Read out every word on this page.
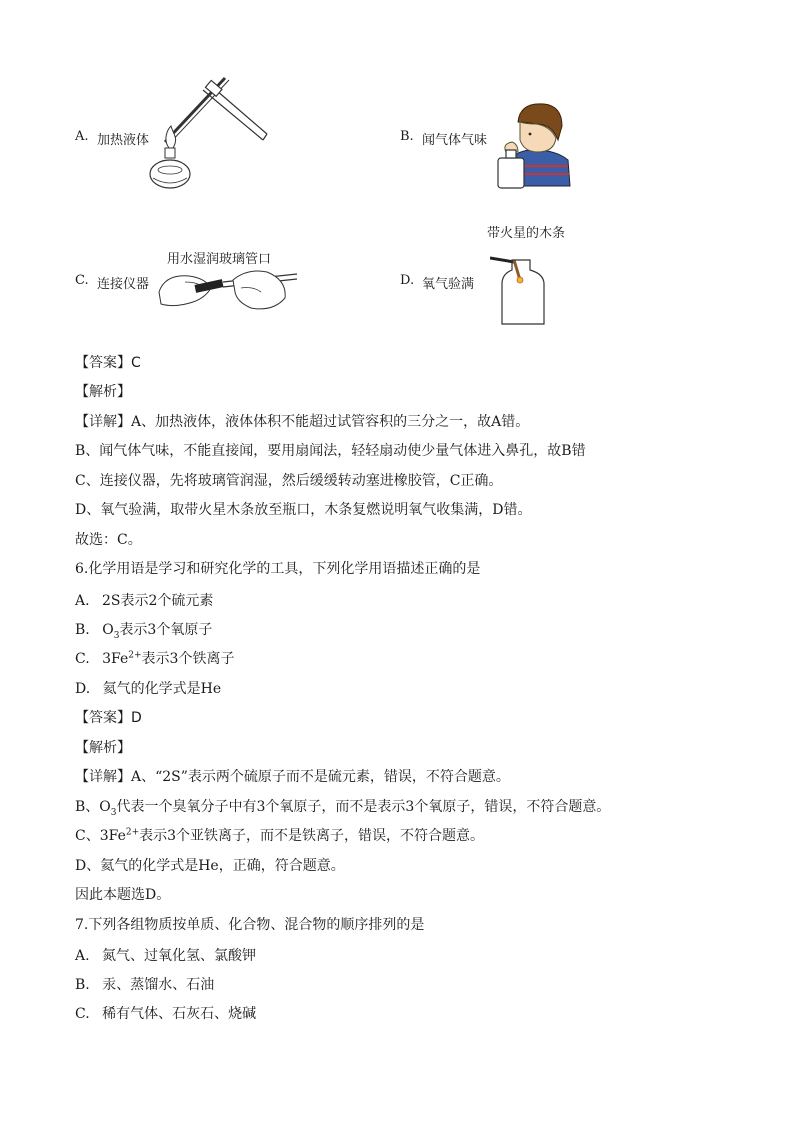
A. 加热液体	B. 闻气体气味
C. 连接仪器
用水湿润玻璃管口
D. 氧气验满
带火星的木条
【答案】C
【解析】
【详解】A、加热液体，液体体积不能超过试管容积的三分之一，故A错。
B、闻气体气味，不能直接闻，要用扇闻法，轻轻扇动使少量气体进入鼻孔，故B错
C、连接仪器，先将玻璃管润湿，然后缓缓转动塞进橡胶管，C正确。
D、氧气验满，取带火星木条放至瓶口，木条复燃说明氧气收集满，D错。
故选：C。
6.化学用语是学习和研究化学的工具，下列化学用语描述正确的是
A. 2S表示2个硫元素
B. $O_3$表示3个氧原子
C. $3Fe^{2+}$表示3个铁离子
D. 氦气的化学式是He
【答案】D
【解析】
【详解】A、“2S”表示两个硫原子而不是硫元素，错误，不符合题意。
B、$O_3$代表一个臭氧分子中有3个氧原子，而不是表示3个氧原子，错误，不符合题意。
C、$3Fe^{2+}$表示3个亚铁离子，而不是铁离子，错误，不符合题意。
D、氦气的化学式是He，正确，符合题意。
因此本题选D。
7.下列各组物质按单质、化合物、混合物的顺序排列的是
A. 氮气、过氧化氢、氯酸钾
B. 汞、蒸馏水、石油
C. 稀有气体、石灰石、烧碱
